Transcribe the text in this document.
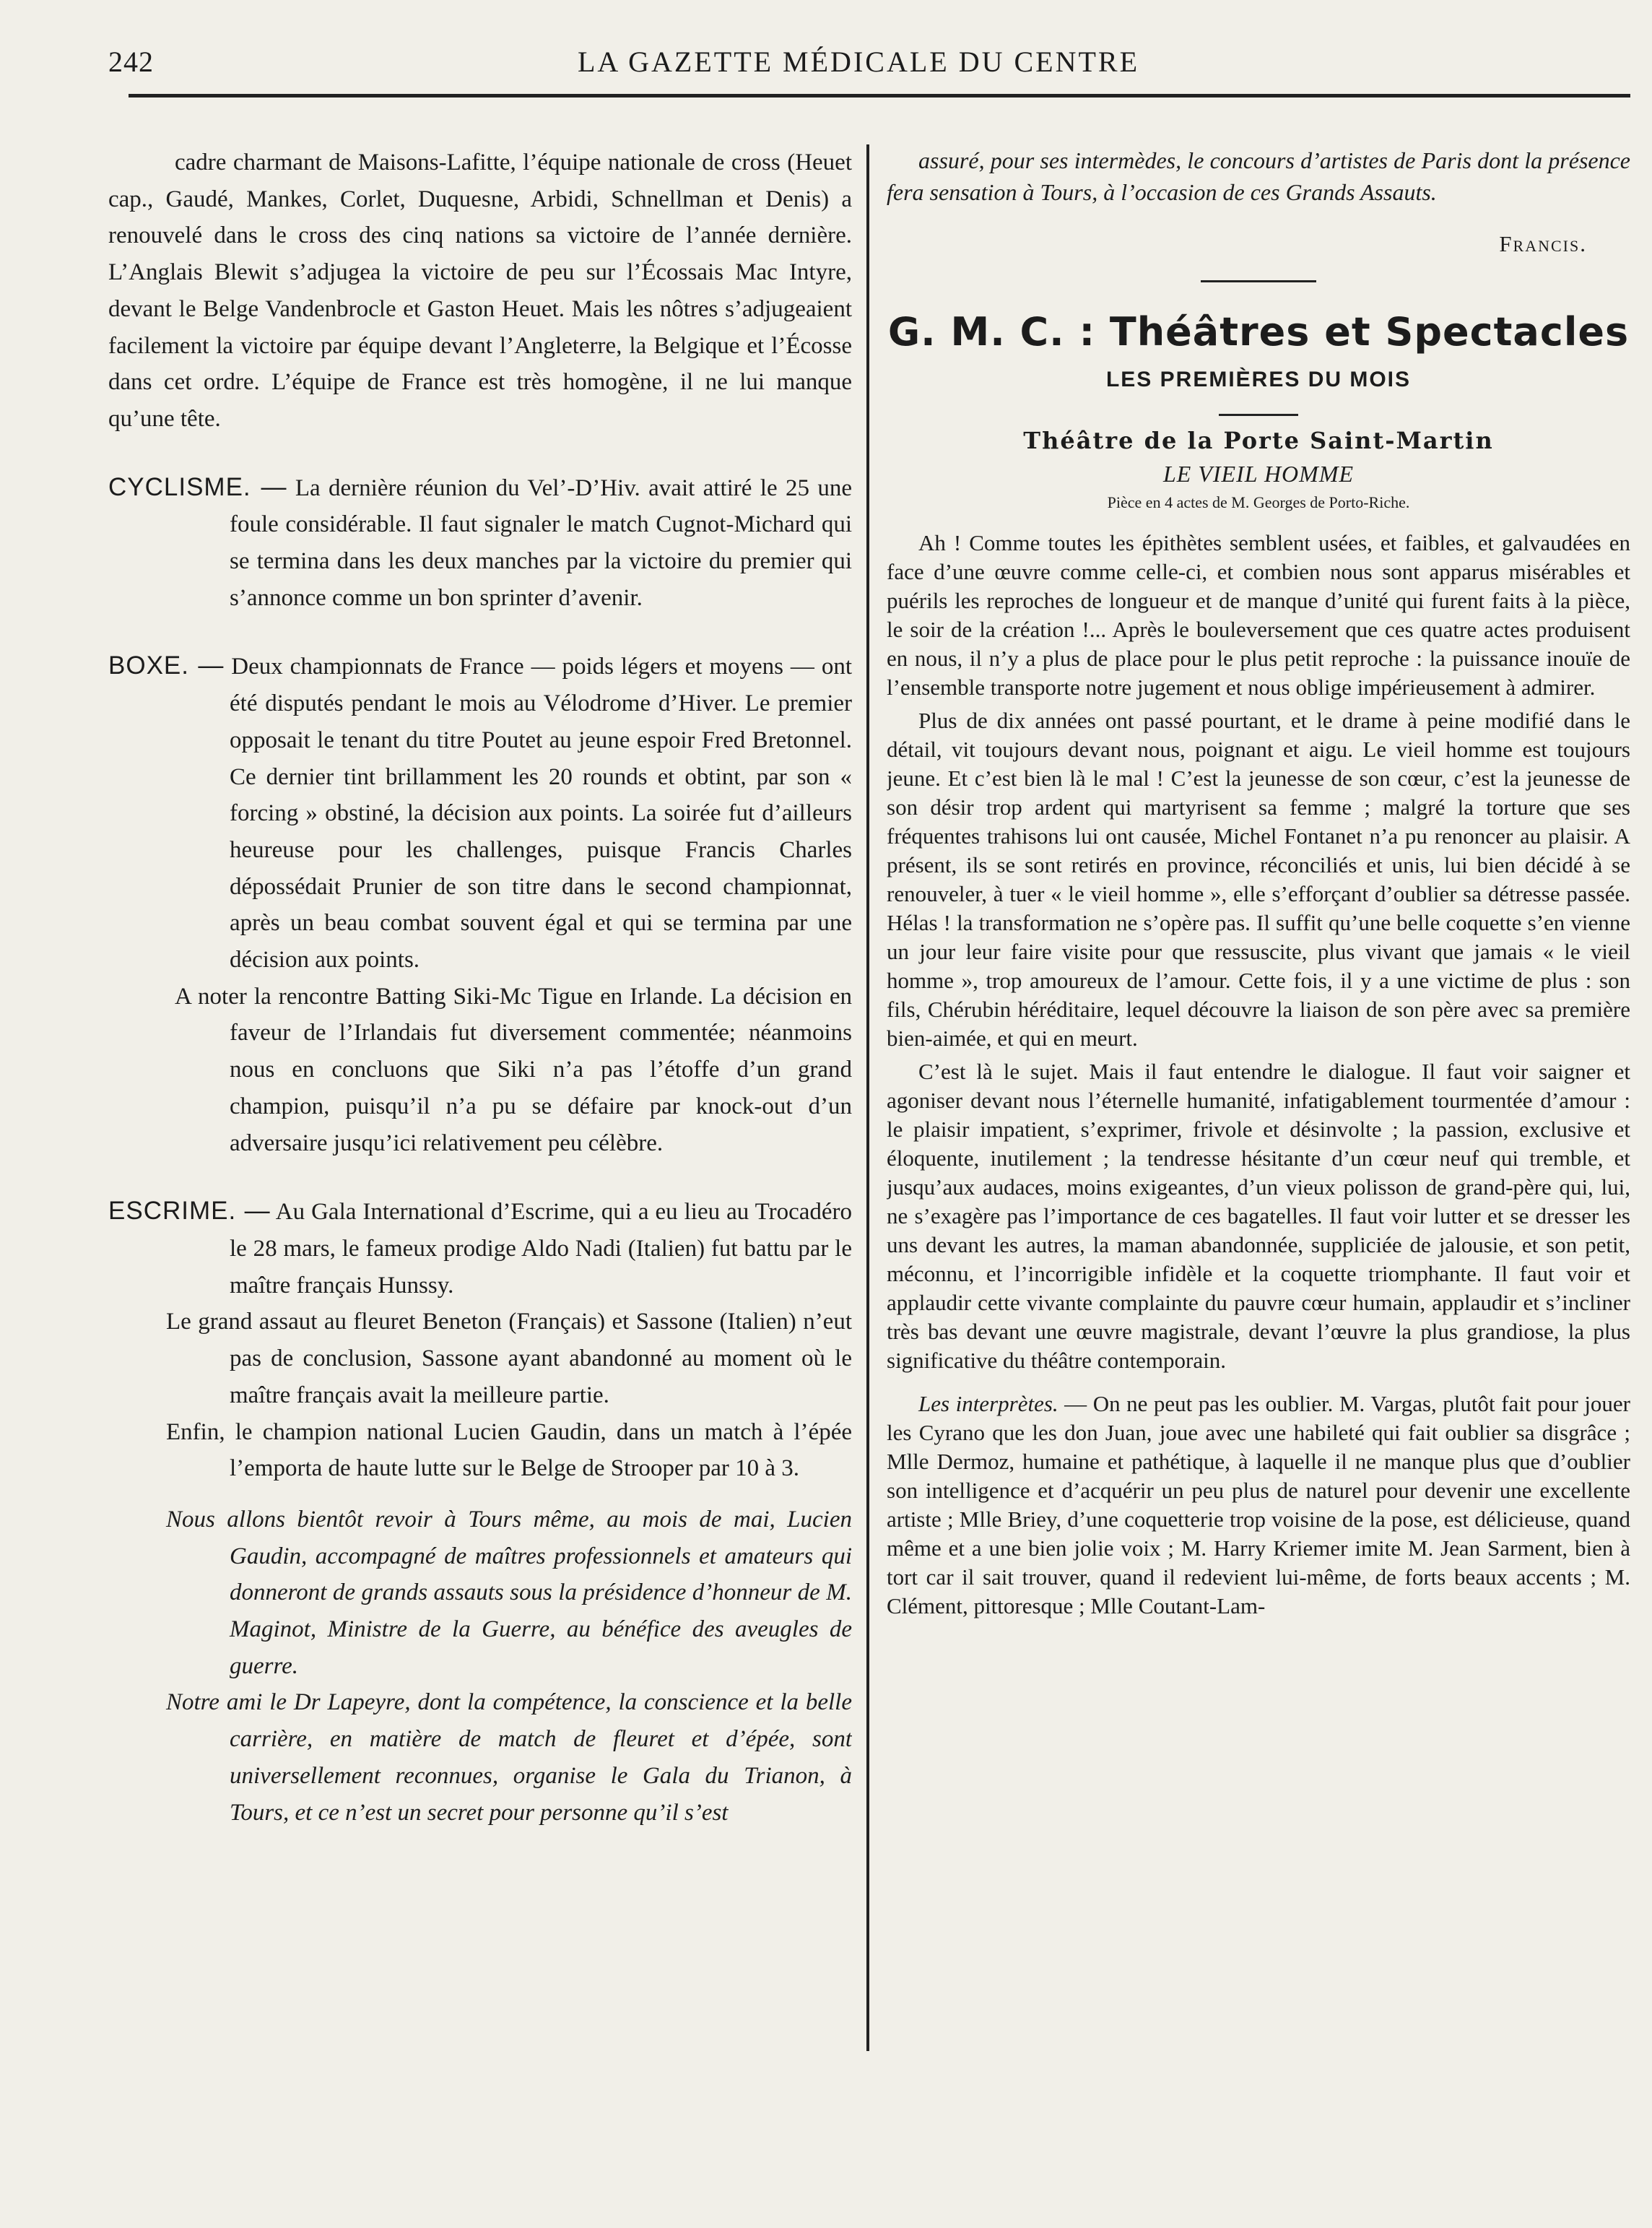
242	LA GAZETTE MÉDICALE DU CENTRE

cadre charmant de Maisons-Lafitte, l’équipe nationale de cross (Heuet cap., Gaudé, Mankes, Corlet, Duquesne, Arbidi, Schnellman et Denis) a renouvelé dans le cross des cinq nations sa victoire de l’année dernière. L’Anglais Blewit s’adjugea la victoire de peu sur l’Écossais Mac Intyre, devant le Belge Vandenbrocle et Gaston Heuet. Mais les nôtres s’adjugeaient facilement la victoire par équipe devant l’Angleterre, la Belgique et l’Écosse dans cet ordre. L’équipe de France est très homogène, il ne lui manque qu’une tête.

CYCLISME. — La dernière réunion du Vel’-D’Hiv. avait attiré le 25 une foule considérable. Il faut signaler le match Cugnot-Michard qui se termina dans les deux manches par la victoire du premier qui s’annonce comme un bon sprinter d’avenir.

BOXE. — Deux championnats de France — poids légers et moyens — ont été disputés pendant le mois au Vélodrome d’Hiver. Le premier opposait le tenant du titre Poutet au jeune espoir Fred Bretonnel. Ce dernier tint brillamment les 20 rounds et obtint, par son « forcing » obstiné, la décision aux points. La soirée fut d’ailleurs heureuse pour les challenges, puisque Francis Charles dépossédait Prunier de son titre dans le second championnat, après un beau combat souvent égal et qui se termina par une décision aux points.

A noter la rencontre Batting Siki-Mc Tigue en Irlande. La décision en faveur de l’Irlandais fut diversement commentée; néanmoins nous en concluons que Siki n’a pas l’étoffe d’un grand champion, puisqu’il n’a pu se défaire par knock-out d’un adversaire jusqu’ici relativement peu célèbre.

ESCRIME. — Au Gala International d’Escrime, qui a eu lieu au Trocadéro le 28 mars, le fameux prodige Aldo Nadi (Italien) fut battu par le maître français Hunssy.

Le grand assaut au fleuret Beneton (Français) et Sassone (Italien) n’eut pas de conclusion, Sassone ayant abandonné au moment où le maître français avait la meilleure partie.

Enfin, le champion national Lucien Gaudin, dans un match à l’épée l’emporta de haute lutte sur le Belge de Strooper par 10 à 3.

Nous allons bientôt revoir à Tours même, au mois de mai, Lucien Gaudin, accompagné de maîtres professionnels et amateurs qui donneront de grands assauts sous la présidence d’honneur de M. Maginot, Ministre de la Guerre, au bénéfice des aveugles de guerre.

Notre ami le Dr Lapeyre, dont la compétence, la conscience et la belle carrière, en matière de match de fleuret et d’épée, sont universellement reconnues, organise le Gala du Trianon, à Tours, et ce n’est un secret pour personne qu’il s’est

assuré, pour ses intermèdes, le concours d’artistes de Paris dont la présence fera sensation à Tours, à l’occasion de ces Grands Assauts.

Francis.

G. M. C. : Théâtres et Spectacles
LES PREMIÈRES DU MOIS
Théâtre de la Porte Saint-Martin
LE VIEIL HOMME
Pièce en 4 actes de M. Georges de Porto-Riche.

Ah ! Comme toutes les épithètes semblent usées, et faibles, et galvaudées en face d’une œuvre comme celle-ci, et combien nous sont apparus misérables et puérils les reproches de longueur et de manque d’unité qui furent faits à la pièce, le soir de la création !... Après le bouleversement que ces quatre actes produisent en nous, il n’y a plus de place pour le plus petit reproche : la puissance inouïe de l’ensemble transporte notre jugement et nous oblige impérieusement à admirer.

Plus de dix années ont passé pourtant, et le drame à peine modifié dans le détail, vit toujours devant nous, poignant et aigu. Le vieil homme est toujours jeune. Et c’est bien là le mal ! C’est la jeunesse de son cœur, c’est la jeunesse de son désir trop ardent qui martyrisent sa femme ; malgré la torture que ses fréquentes trahisons lui ont causée, Michel Fontanet n’a pu renoncer au plaisir. A présent, ils se sont retirés en province, réconciliés et unis, lui bien décidé à se renouveler, à tuer « le vieil homme », elle s’efforçant d’oublier sa détresse passée. Hélas ! la transformation ne s’opère pas. Il suffit qu’une belle coquette s’en vienne un jour leur faire visite pour que ressuscite, plus vivant que jamais « le vieil homme », trop amoureux de l’amour. Cette fois, il y a une victime de plus : son fils, Chérubin héréditaire, lequel découvre la liaison de son père avec sa première bien-aimée, et qui en meurt.

C’est là le sujet. Mais il faut entendre le dialogue. Il faut voir saigner et agoniser devant nous l’éternelle humanité, infatigablement tourmentée d’amour : le plaisir impatient, s’exprimer, frivole et désinvolte ; la passion, exclusive et éloquente, inutilement ; la tendresse hésitante d’un cœur neuf qui tremble, et jusqu’aux audaces, moins exigeantes, d’un vieux polisson de grand-père qui, lui, ne s’exagère pas l’importance de ces bagatelles. Il faut voir lutter et se dresser les uns devant les autres, la maman abandonnée, suppliciée de jalousie, et son petit, méconnu, et l’incorrigible infidèle et la coquette triomphante. Il faut voir et applaudir cette vivante complainte du pauvre cœur humain, applaudir et s’incliner très bas devant une œuvre magistrale, devant l’œuvre la plus grandiose, la plus significative du théâtre contemporain.

Les interprètes. — On ne peut pas les oublier. M. Vargas, plutôt fait pour jouer les Cyrano que les don Juan, joue avec une habileté qui fait oublier sa disgrâce ; Mlle Dermoz, humaine et pathétique, à laquelle il ne manque plus que d’oublier son intelligence et d’acquérir un peu plus de naturel pour devenir une excellente artiste ; Mlle Briey, d’une coquetterie trop voisine de la pose, est délicieuse, quand même et a une bien jolie voix ; M. Harry Kriemer imite M. Jean Sarment, bien à tort car il sait trouver, quand il redevient lui-même, de forts beaux accents ; M. Clément, pittoresque ; Mlle Coutant-Lam-
